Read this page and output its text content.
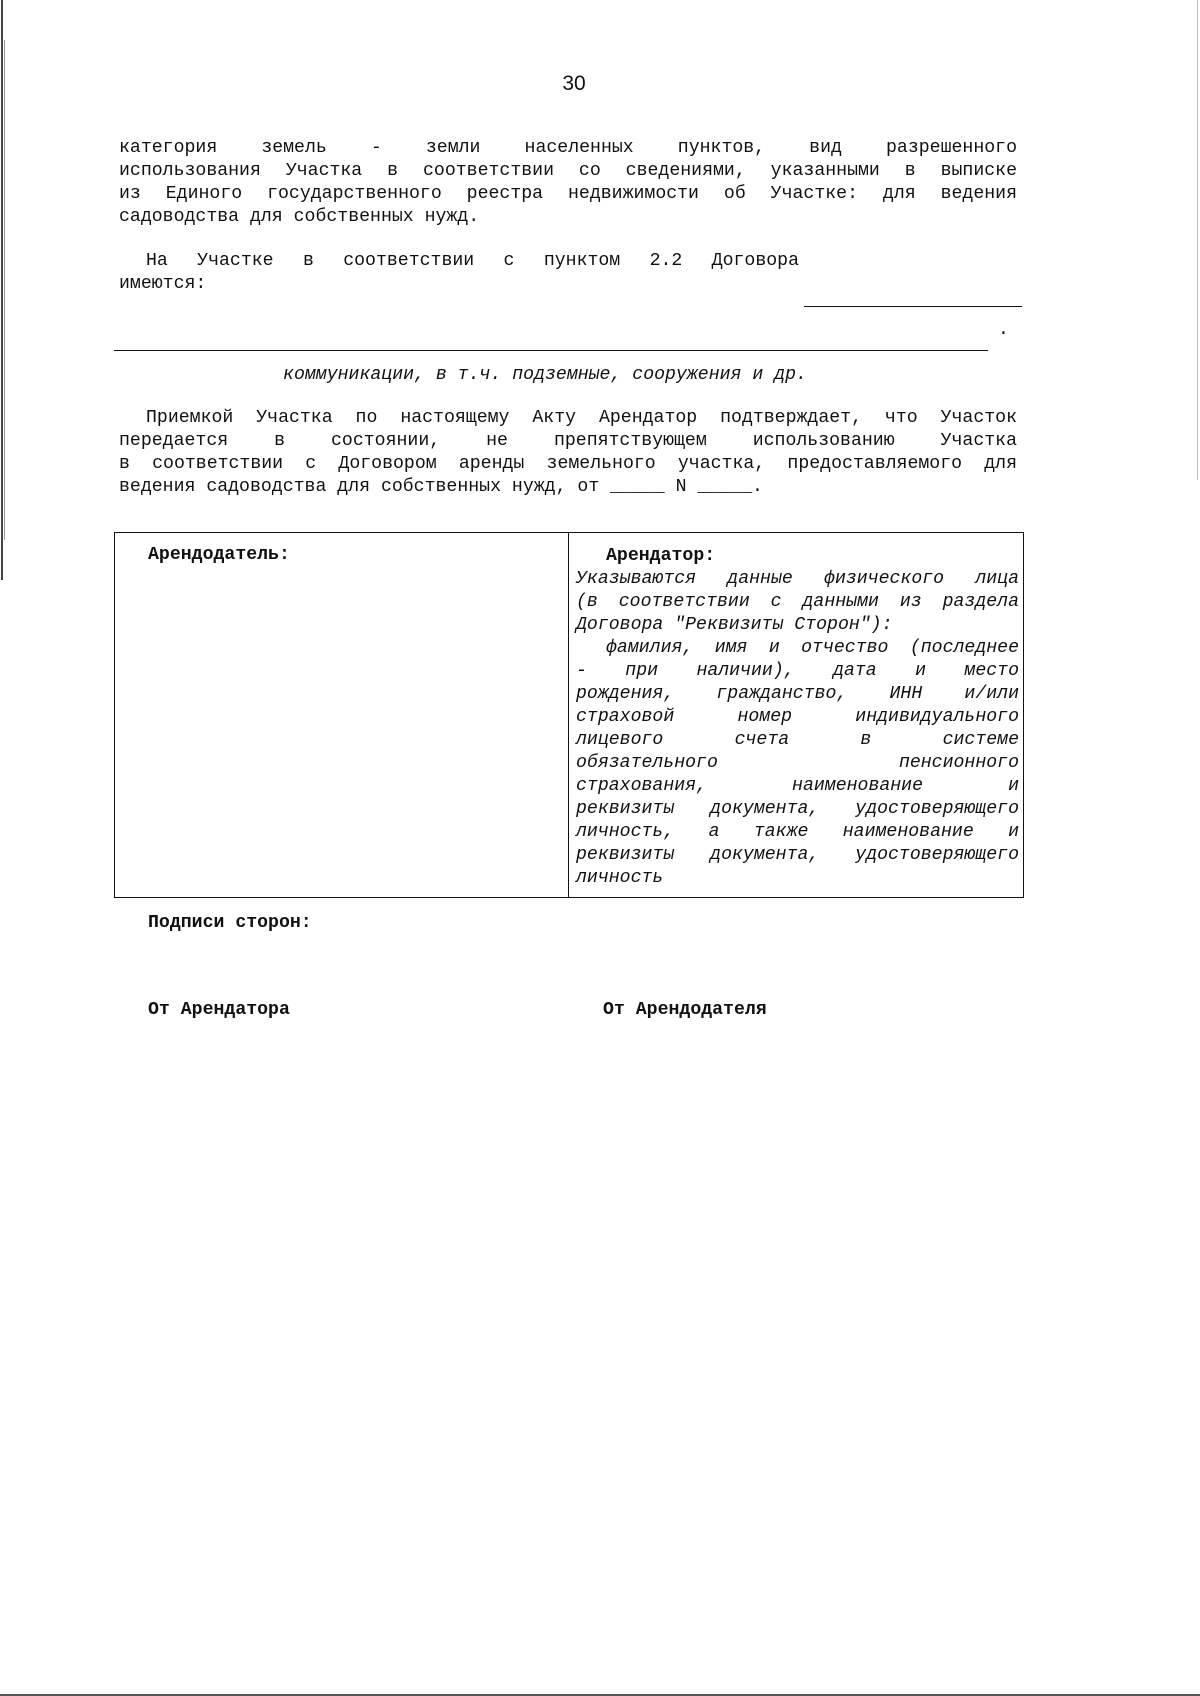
30
категория земель - земли населенных пунктов, вид разрешенного
использования Участка в соответствии со сведениями, указанными в выписке
из Единого государственного реестра недвижимости об Участке: для ведения
садоводства для собственных нужд.
На Участке в соответствии с пунктом 2.2 Договора
имеются:
.
коммуникации, в т.ч. подземные, сооружения и др.
Приемкой Участка по настоящему Акту Арендатор подтверждает, что Участок
передается в состоянии, не препятствующем использованию Участка
в соответствии с Договором аренды земельного участка, предоставляемого для
ведения садоводства для собственных нужд, от _____ N _____.
Арендодатель:	Арендатор:
Указываются данные физического лица
(в соответствии с данными из раздела
Договора "Реквизиты Сторон"):
фамилия, имя и отчество (последнее
- при наличии), дата и место
рождения, гражданство, ИНН и/или
страховой номер индивидуального
лицевого счета в системе
обязательного пенсионного
страхования, наименование и
реквизиты документа, удостоверяющего
личность, а также наименование и
реквизиты документа, удостоверяющего
личность
Подписи сторон:
От Арендатора	От Арендодателя
